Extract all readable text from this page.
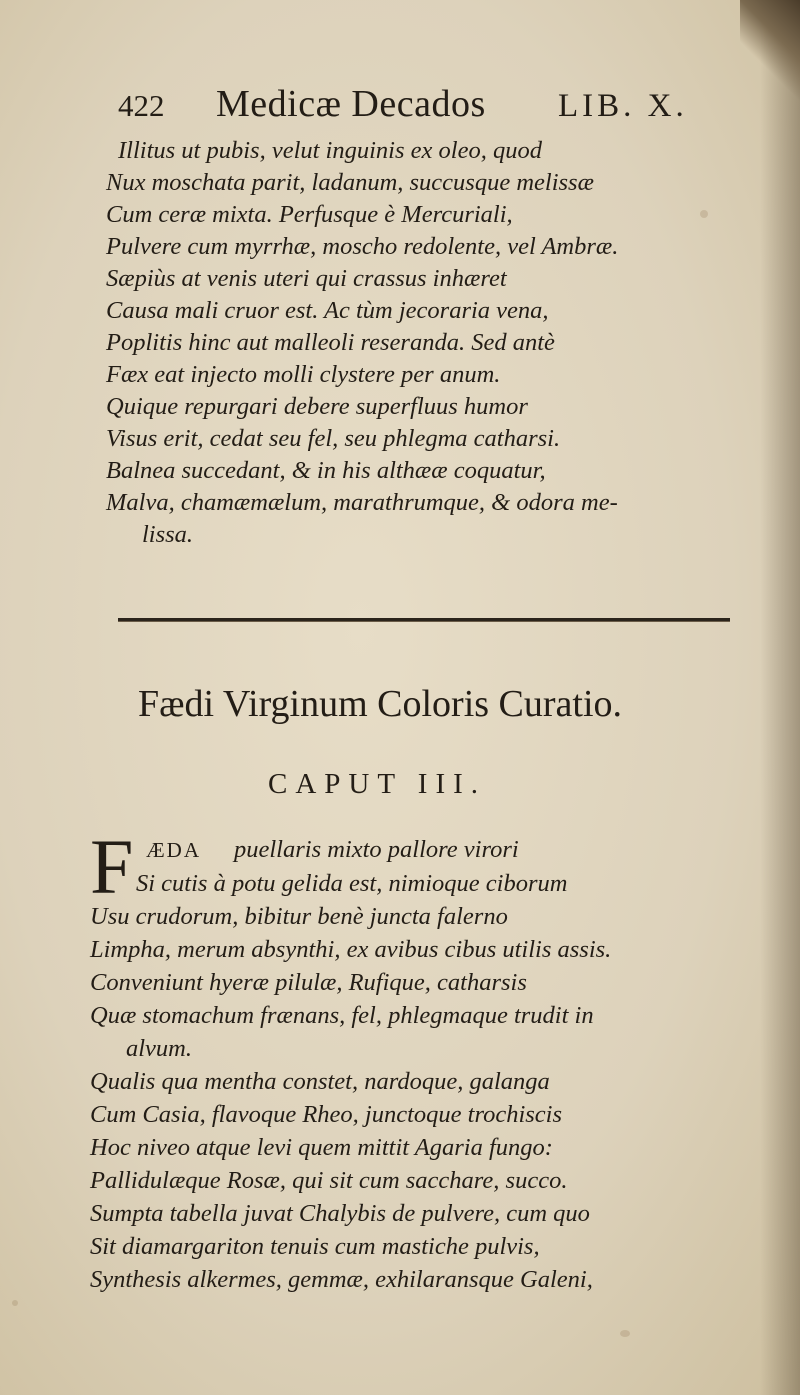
422 Medicæ Decados LIB. X.
Illitus ut pubis, velut inguinis ex oleo, quod
Nux moschata parit, ladanum, succusque melissæ
Cum ceræ mixta. Perfusque è Mercuriali,
Pulvere cum myrrhæ, moscho redolente, vel Ambræ.
Sæpiùs at venis uteri qui crassus inhæret
Causa mali cruor est. Ac tùm jecoraria vena,
Poplitis hinc aut malleoli reseranda. Sed antè
Fæx eat injecto molli clystere per anum.
Quique repurgari debere superfluus humor
Visus erit, cedat seu fel, seu phlegma catharsi.
Balnea succedant, & in his althææ coquatur,
Malva, chamæmælum, marathrumque, & odora me-
lissa.
Fædi Virginum Coloris Curatio.
CAPUT III.
F ÆDA puellaris mixto pallore virori
Si cutis à potu gelida est, nimioque ciborum
Usu crudorum, bibitur benè juncta falerno
Limpha, merum absynthi, ex avibus cibus utilis assis.
Conveniunt hyeræ pilulæ, Rufique, catharsis
Quæ stomachum frænans, fel, phlegmaque trudit in
alvum.
Qualis qua mentha constet, nardoque, galanga
Cum Casia, flavoque Rheo, junctoque trochiscis
Hoc niveo atque levi quem mittit Agaria fungo:
Pallidulæque Rosæ, qui sit cum sacchare, succo.
Sumpta tabella juvat Chalybis de pulvere, cum quo
Sit diamargariton tenuis cum mastiche pulvis,
Synthesis alkermes, gemmæ, exhilaransque Galeni,
